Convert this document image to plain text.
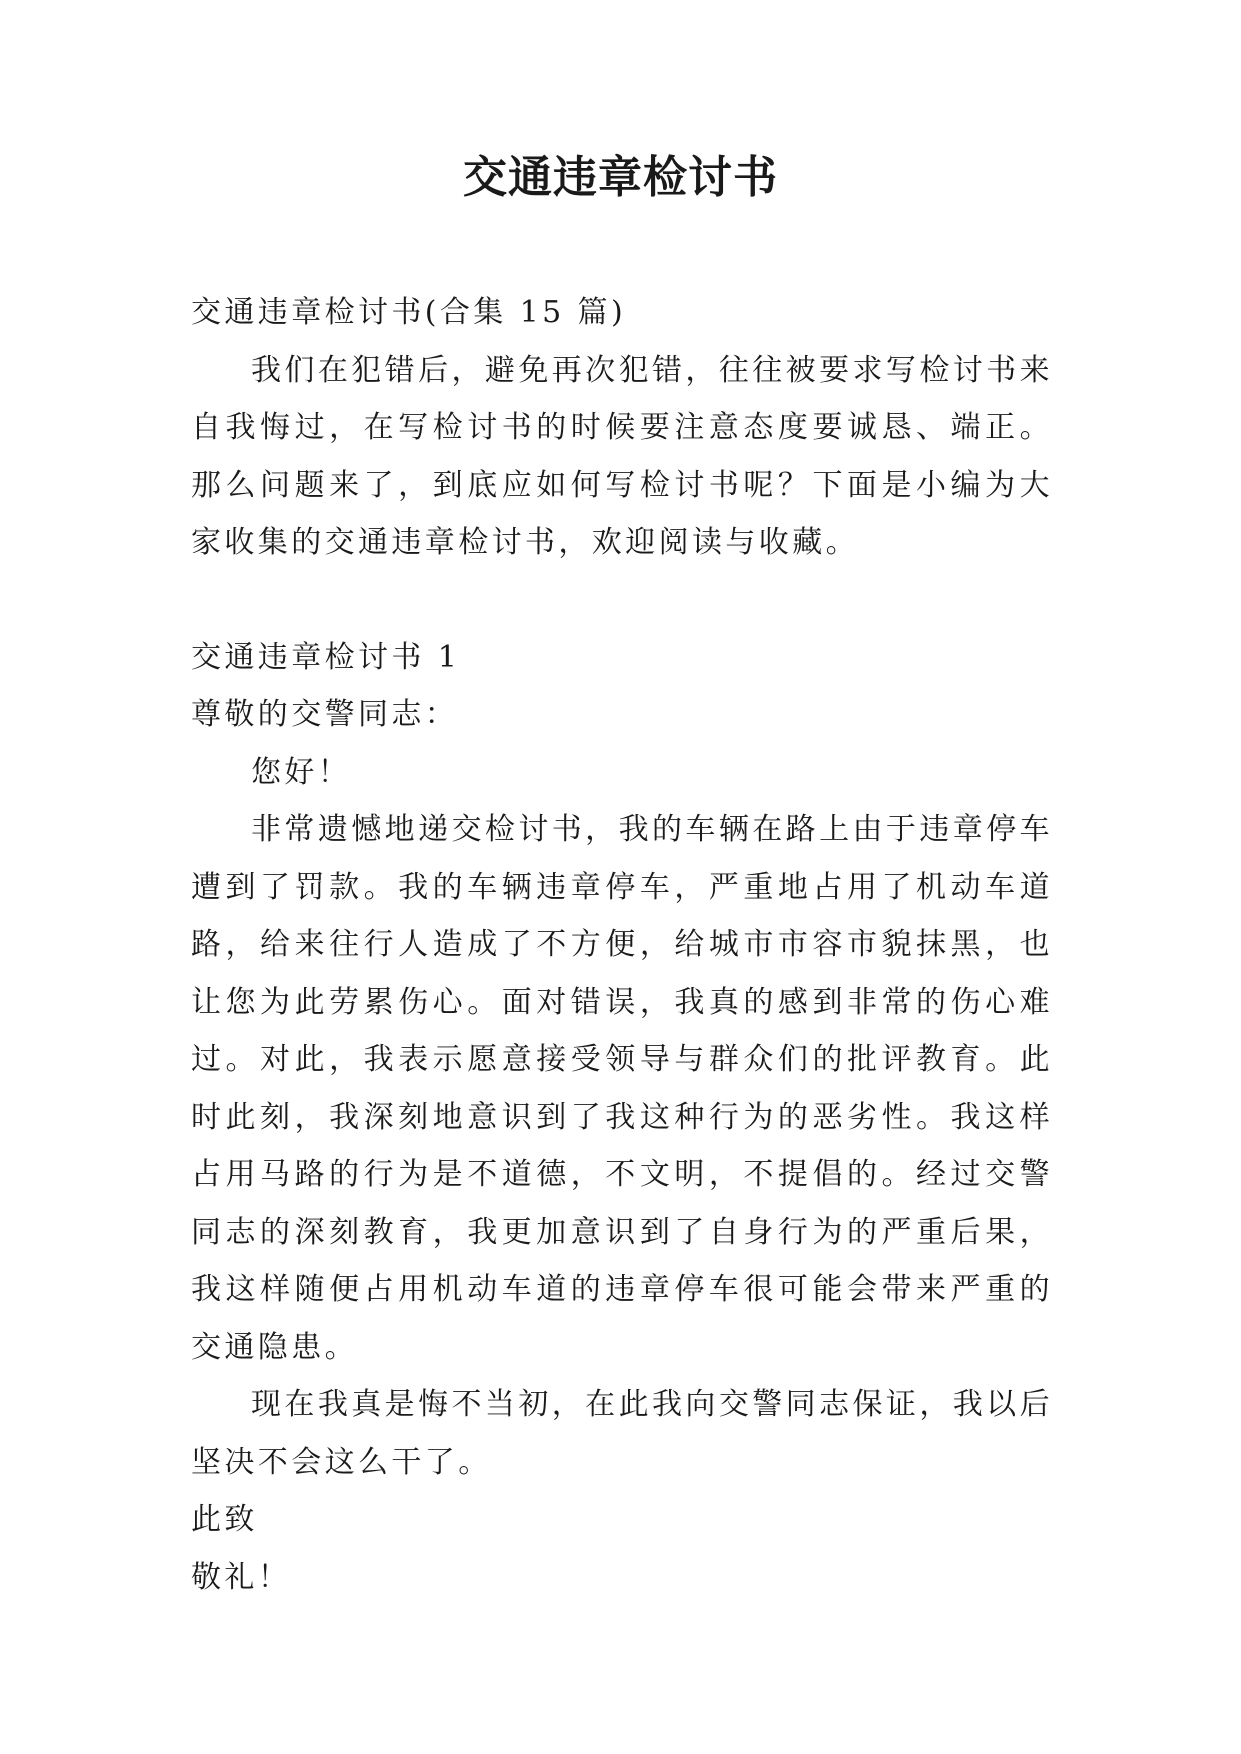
交通违章检讨书

交通违章检讨书(合集 15 篇)

我们在犯错后，避免再次犯错，往往被要求写检讨书来自我悔过，在写检讨书的时候要注意态度要诚恳、端正。那么问题来了，到底应如何写检讨书呢？下面是小编为大家收集的交通违章检讨书，欢迎阅读与收藏。

交通违章检讨书 1

尊敬的交警同志：

您好！

非常遗憾地递交检讨书，我的车辆在路上由于违章停车遭到了罚款。我的车辆违章停车，严重地占用了机动车道路，给来往行人造成了不方便，给城市市容市貌抹黑，也让您为此劳累伤心。面对错误，我真的感到非常的伤心难过。对此，我表示愿意接受领导与群众们的批评教育。此时此刻，我深刻地意识到了我这种行为的恶劣性。我这样占用马路的行为是不道德，不文明，不提倡的。经过交警同志的深刻教育，我更加意识到了自身行为的严重后果，我这样随便占用机动车道的违章停车很可能会带来严重的交通隐患。

现在我真是悔不当初，在此我向交警同志保证，我以后坚决不会这么干了。

此致

敬礼！
